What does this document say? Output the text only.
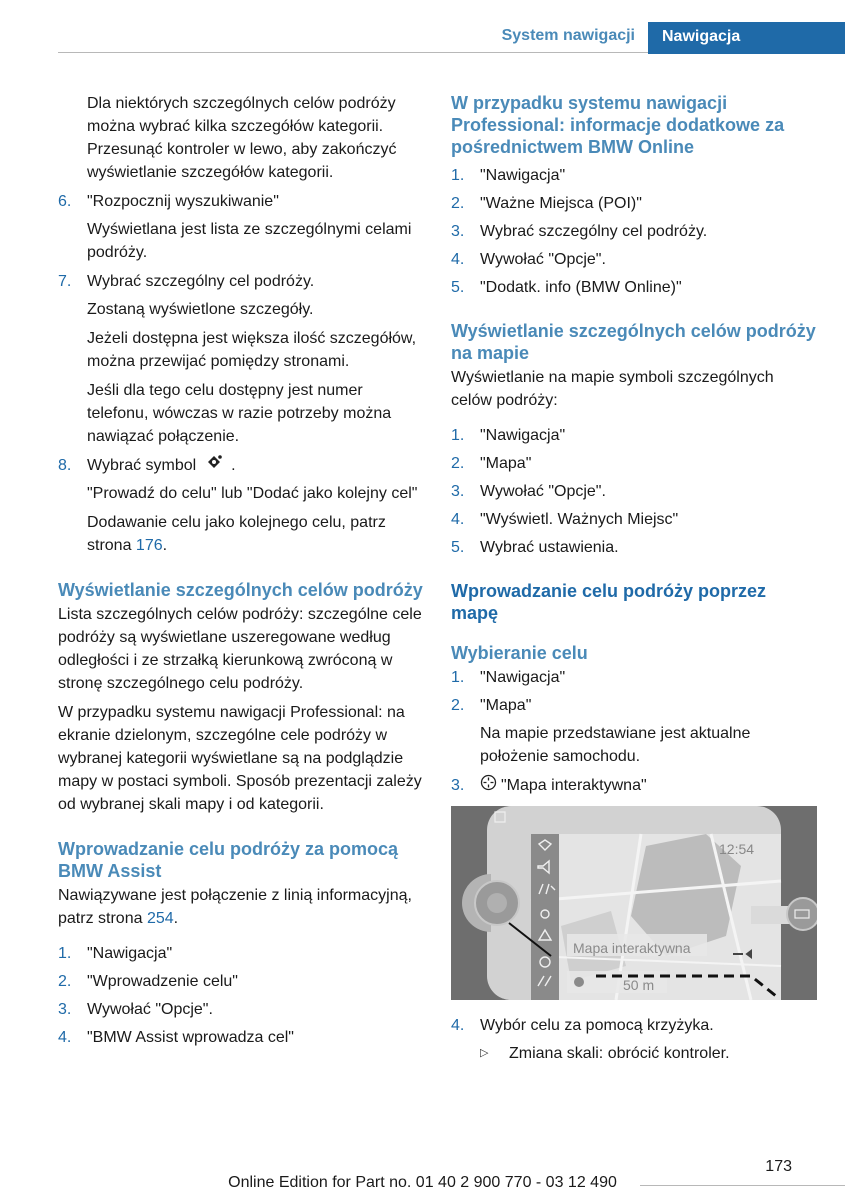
System nawigacji	Nawigacja

Dla niektórych szczególnych celów podróży można wybrać kilka szczegółów kategorii. Przesunąć kontroler w lewo, aby zakończyć wyświetlanie szczegółów kategorii.

6. "Rozpocznij wyszukiwanie"

Wyświetlana jest lista ze szczególnymi celami podróży.

7. Wybrać szczególny cel podróży.

Zostaną wyświetlone szczegóły.

Jeżeli dostępna jest większa ilość szczegółów, można przewijać pomiędzy stronami.

Jeśli dla tego celu dostępny jest numer telefonu, wówczas w razie potrzeby można nawiązać połączenie.

8. Wybrać symbol .

"Prowadź do celu" lub "Dodać jako kolejny cel"

Dodawanie celu jako kolejnego celu, patrz strona 176.

Wyświetlanie szczególnych celów podróży

Lista szczególnych celów podróży: szczególne cele podróży są wyświetlane uszeregowane według odległości i ze strzałką kierunkową zwróconą w stronę szczególnego celu podróży.

W przypadku systemu nawigacji Professional: na ekranie dzielonym, szczególne cele podróży w wybranej kategorii wyświetlane są na podglądzie mapy w postaci symboli. Sposób prezentacji zależy od wybranej skali mapy i od kategorii.

Wprowadzanie celu podróży za pomocą BMW Assist

Nawiązywane jest połączenie z linią informacyjną, patrz strona 254.

1. "Nawigacja"
2. "Wprowadzenie celu"
3. Wywołać "Opcje".
4. "BMW Assist wprowadza cel"
W przypadku systemu nawigacji Professional: informacje dodatkowe za pośrednictwem BMW Online
1. "Nawigacja"
2. "Ważne Miejsca (POI)"
3. Wybrać szczególny cel podróży.
4. Wywołać "Opcje".
5. "Dodatk. info (BMW Online)"
Wyświetlanie szczególnych celów podróży na mapie

Wyświetlanie na mapie symboli szczególnych celów podróży:

1. "Nawigacja"
2. "Mapa"
3. Wywołać "Opcje".
4. "Wyświetl. Ważnych Miejsc"
5. Wybrać ustawienia.
Wprowadzanie celu podróży poprzez mapę
Wybieranie celu
1. "Nawigacja"
2. "Mapa"

Na mapie przedstawiane jest aktualne położenie samochodu.

3.	"Mapa interaktywna"
12:54
Mapa interaktywna
50 m
4. Wybór celu za pomocą krzyżyka.
▷	Zmiana skali: obrócić kontroler.
173
Online Edition for Part no. 01 40 2 900 770 - 03 12 490
